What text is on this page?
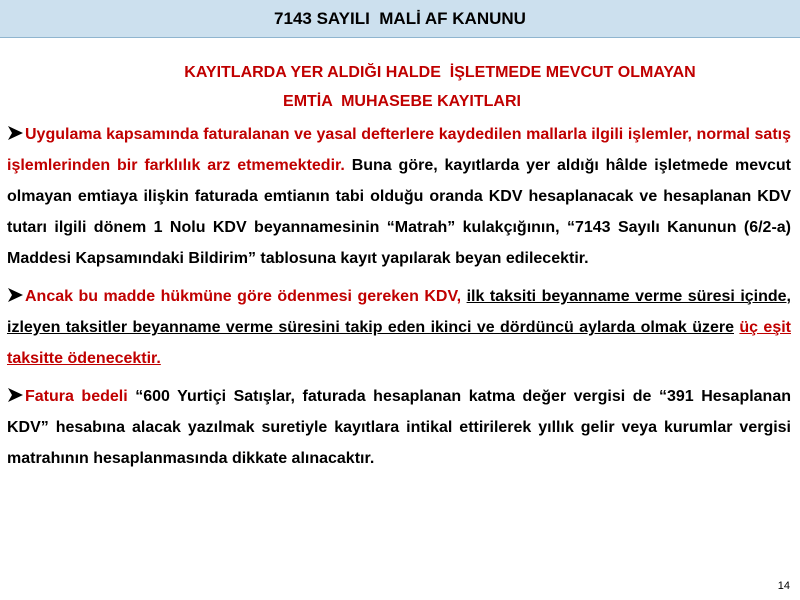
7143 SAYILI  MALİ AF KANUNU
KAYITLARDA YER ALDIĞI HALDE  İŞLETMEDE MEVCUT OLMAYAN
EMTİA  MUHASEBE KAYITLARI

Uygulama kapsamında faturalanan ve yasal defterlere kaydedilen mallarla ilgili işlemler, normal satış işlemlerinden bir farklılık arz etmemektedir. Buna göre, kayıtlarda yer aldığı hâlde işletmede mevcut olmayan emtiaya ilişkin faturada emtianın tabi olduğu oranda KDV hesaplanacak ve hesaplanan KDV tutarı ilgili dönem 1 Nolu KDV beyannamesinin “Matrah” kulakçığının, “7143 Sayılı Kanunun (6/2-a) Maddesi Kapsamındaki Bildirim” tablosuna kayıt yapılarak beyan edilecektir.

Ancak bu madde hükmüne göre ödenmesi gereken KDV, ilk taksiti beyanname verme süresi içinde, izleyen taksitler beyanname verme süresini takip eden ikinci ve dördüncü aylarda olmak üzere üç eşit taksitte ödenecektir.

Fatura bedeli “600 Yurtiçi Satışlar, faturada hesaplanan katma değer vergisi de “391 Hesaplanan KDV” hesabına alacak yazılmak suretiyle kayıtlara intikal ettirilerek yıllık gelir veya kurumlar vergisi matrahının hesaplanmasında dikkate alınacaktır.

14
